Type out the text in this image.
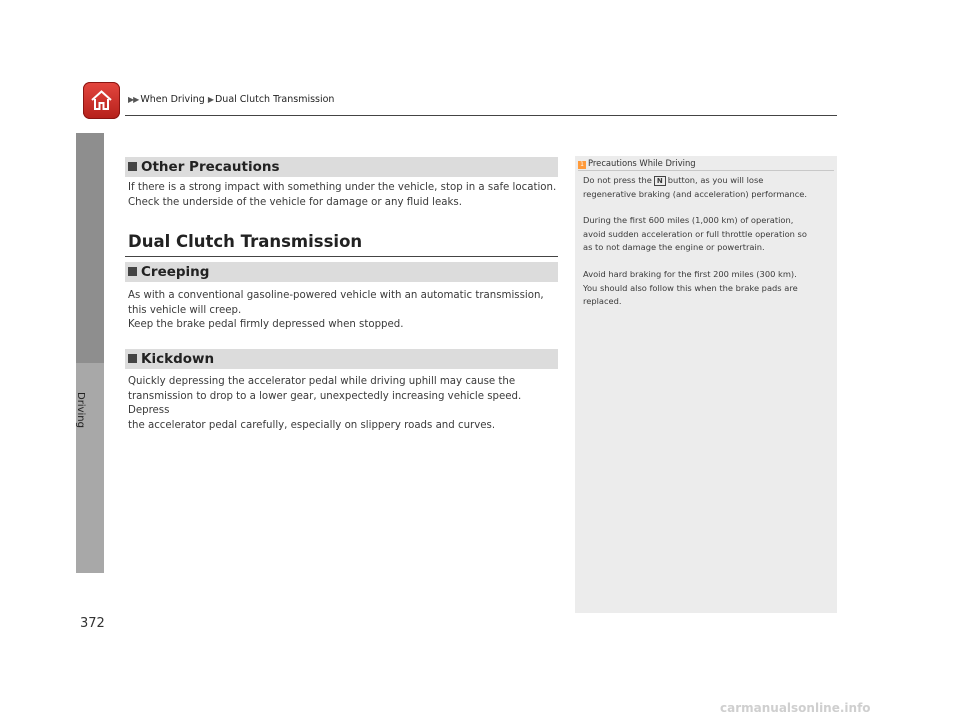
▶▶ When Driving ▶ Dual Clutch Transmission
Driving
Other Precautions
If there is a strong impact with something under the vehicle, stop in a safe location.
Check the underside of the vehicle for damage or any fluid leaks.
Dual Clutch Transmission
Creeping
As with a conventional gasoline-powered vehicle with an automatic transmission,
this vehicle will creep.
Keep the brake pedal firmly depressed when stopped.
Kickdown
Quickly depressing the accelerator pedal while driving uphill may cause the
transmission to drop to a lower gear, unexpectedly increasing vehicle speed. Depress
the accelerator pedal carefully, especially on slippery roads and curves.
1 Precautions While Driving
Do not press the N button, as you will lose
regenerative braking (and acceleration) performance.
During the first 600 miles (1,000 km) of operation,
avoid sudden acceleration or full throttle operation so
as to not damage the engine or powertrain.
Avoid hard braking for the first 200 miles (300 km).
You should also follow this when the brake pads are
replaced.
372
carmanualsonline.info
